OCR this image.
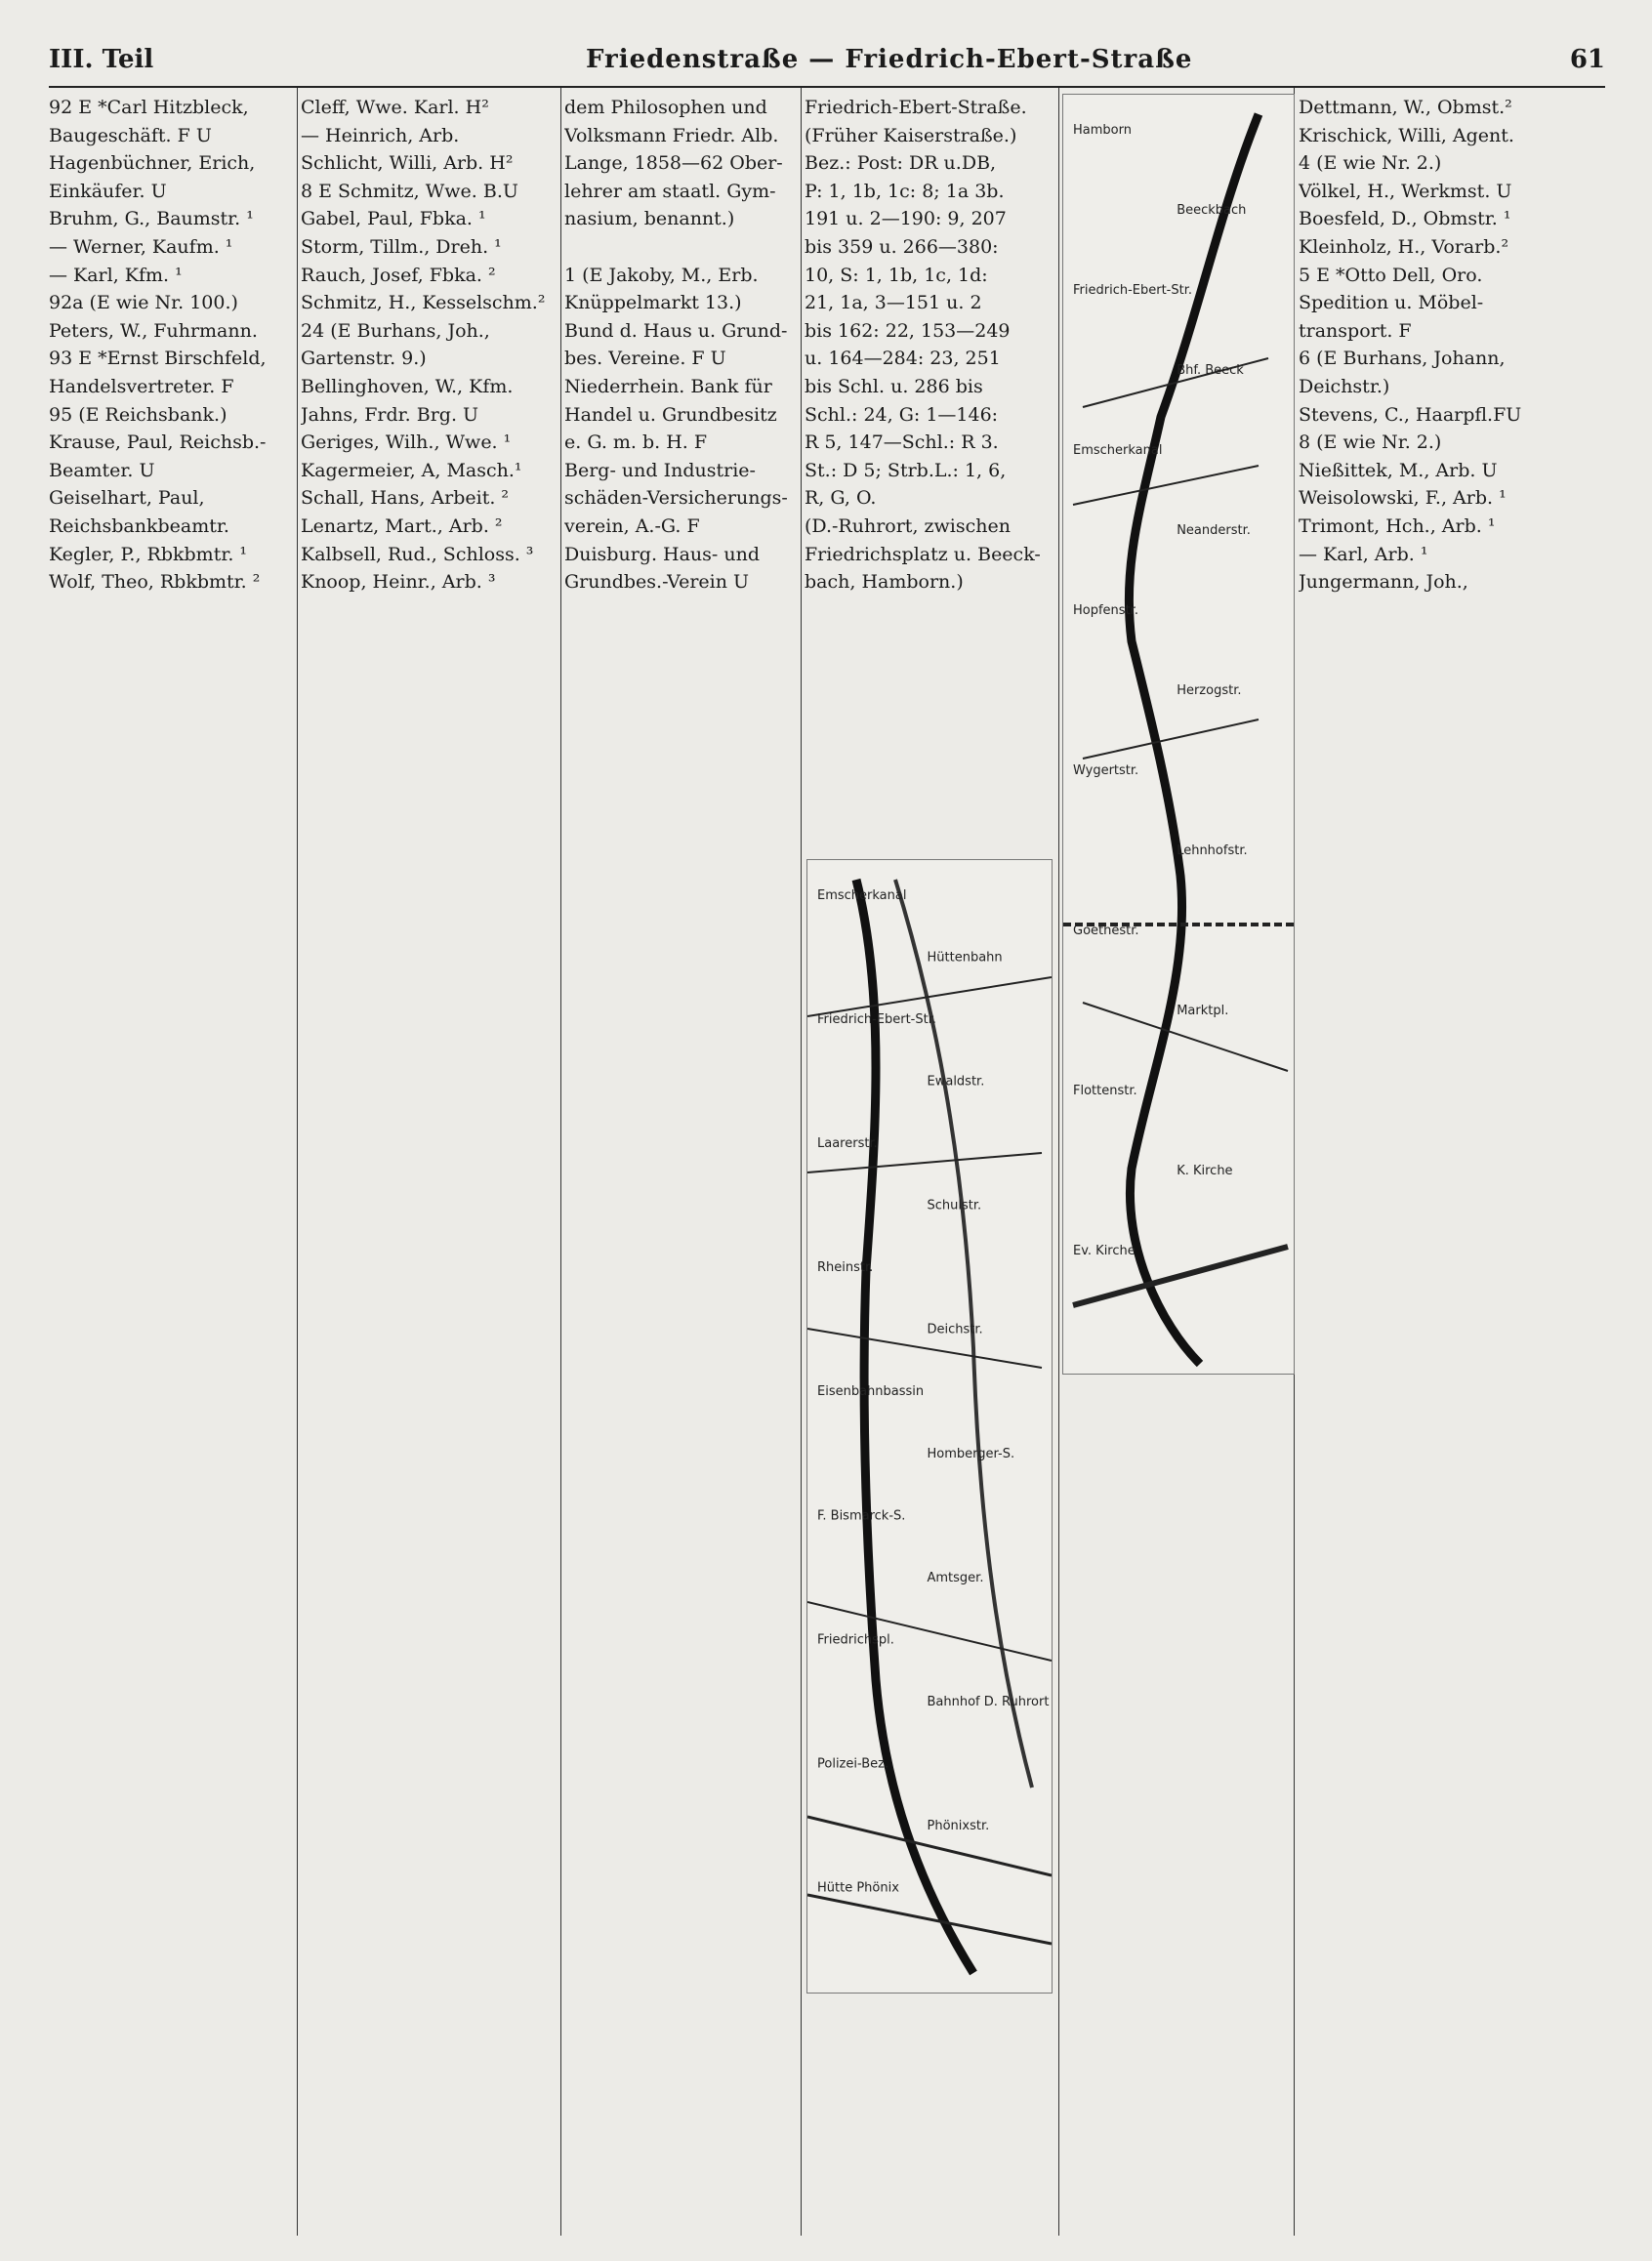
III. Teil	Friedenstraße — Friedrich-Ebert-Straße	61
92 E *Carl Hitzbleck,
Baugeschäft. F U
Hagenbüchner, Erich,
Einkäufer. U
Bruhm, G., Baumstr. ¹
— Werner, Kaufm. ¹
— Karl, Kfm. ¹
92a (E wie Nr. 100.)
Peters, W., Fuhrmann.
93 E *Ernst Birschfeld,
Handelsvertreter. F
95 (E Reichsbank.)
Krause, Paul, Reichsb.-
Beamter. U
Geiselhart, Paul,
Reichsbankbeamtr.
Kegler, P., Rbkbmtr. ¹
Wolf, Theo, Rbkbmtr. ²
Cleff, Wwe. Karl. H²
— Heinrich, Arb.
Schlicht, Willi, Arb. H²
8 E Schmitz, Wwe. B.U
Gabel, Paul, Fbka. ¹
Storm, Tillm., Dreh. ¹
Rauch, Josef, Fbka. ²
Schmitz, H., Kesselschm.²
24 (E Burhans, Joh.,
Gartenstr. 9.)
Bellinghoven, W., Kfm.
Jahns, Frdr. Brg. U
Geriges, Wilh., Wwe. ¹
Kagermeier, A, Masch.¹
Schall, Hans, Arbeit. ²
Lenartz, Mart., Arb. ²
Kalbsell, Rud., Schloss. ³
Knoop, Heinr., Arb. ³
dem Philosophen und
Volksmann Friedr. Alb.
Lange, 1858—62 Ober-
lehrer am staatl. Gym-
nasium, benannt.)

1 (E Jakoby, M., Erb.
Knüppelmarkt 13.)
Bund d. Haus u. Grund-
bes. Vereine. F U
Niederrhein. Bank für
Handel u. Grundbesitz
e. G. m. b. H. F
Berg- und Industrie-
schäden-Versicherungs-
verein, A.-G. F
Duisburg. Haus- und
Grundbes.-Verein U
Friedrich-Ebert-Straße.
(Früher Kaiserstraße.)
Bez.: Post: DR u.DB,
P: 1, 1b, 1c: 8; 1a 3b.
191 u. 2—190: 9, 207
bis 359 u. 266—380:
10, S: 1, 1b, 1c, 1d:
21, 1a, 3—151 u. 2
bis 162: 22, 153—249
u. 164—284: 23, 251
bis Schl. u. 286 bis
Schl.: 24, G: 1—146:
R 5, 147—Schl.: R 3.
St.: D 5; Strb.L.: 1, 6,
R, G, O.
(D.-Ruhrort, zwischen
Friedrichsplatz u. Beeck-
bach, Hamborn.)
Dettmann, W., Obmst.²
Krischick, Willi, Agent.
4 (E wie Nr. 2.)
Völkel, H., Werkmst. U
Boesfeld, D., Obmstr. ¹
Kleinholz, H., Vorarb.²
5 E *Otto Dell, Oro.
Spedition u. Möbel-
transport. F
6 (E Burhans, Johann,
Deichstr.)
Stevens, C., Haarpfl.FU
8 (E wie Nr. 2.)
Nießittek, M., Arb. U
Weisolowski, F., Arb. ¹
Trimont, Hch., Arb. ¹
— Karl, Arb. ¹
Jungermann, Joh.,
Hamborn
Beeckbach
Friedrich-Ebert-Str.
Bhf. Beeck
Emscherkanal
Neanderstr.
Hopfenstr.
Herzogstr.
Wygertstr.
Lehnhofstr.
Goethestr.
Marktpl.
Flottenstr.
K. Kirche
Ev. Kirche
Emscherkanal
Hüttenbahn
Friedrich-Ebert-Str.
Ewaldstr.
Laarerstr.
Schulstr.
Rheinstr.
Deichstr.
Eisenbahnbassin
Homberger-S.
F. Bismarck-S.
Amtsger.
Friedrichspl.
Bahnhof D. Ruhrort
Polizei-Bez.
Phönixstr.
Hütte Phönix
